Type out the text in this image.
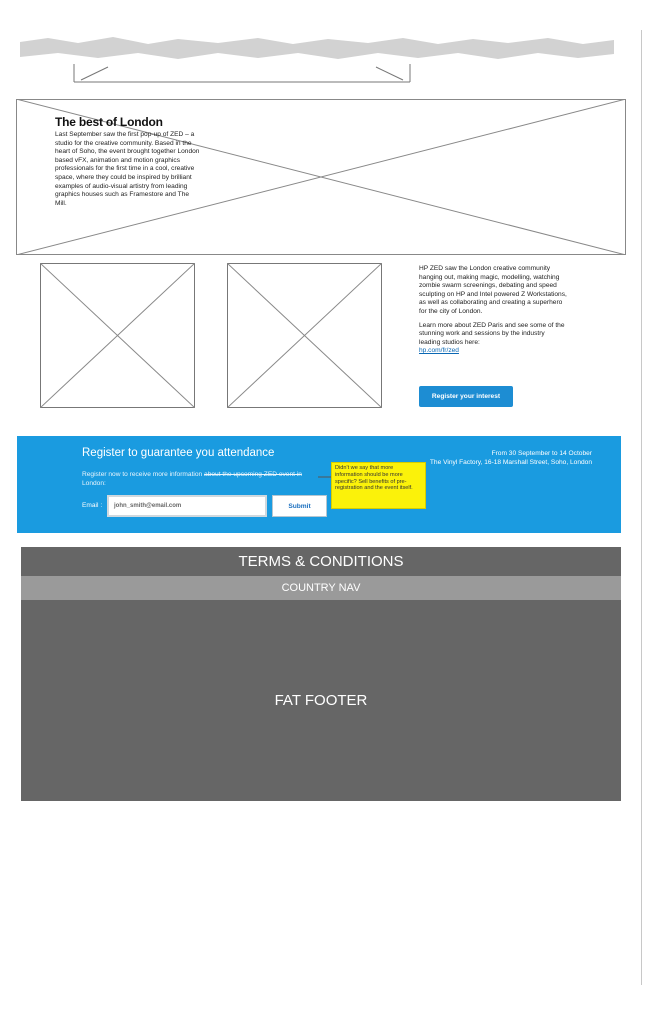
The best of London
Last September saw the first pop-up of ZED – a studio for the creative community. Based in the heart of Soho, the event brought together London based vFX, animation and motion graphics professionals for the first time in a cool, creative space, where they could be inspired by brilliant examples of audio-visual artistry from leading graphics houses such as Framestore and The Mill.

HP ZED saw the London creative community hanging out, making magic, modelling, watching zombie swarm screenings, debating and speed sculpting on HP and Intel powered Z Workstations, as well as collaborating and creating a superhero for the city of London.

Learn more about ZED Paris and see some of the stunning work and sessions by the industry leading studios here:

hp.com/fr/zed
Register your interest
Register to guarantee you attendance
Register now to receive more information about the upcoming ZED event in London:
From 30 September to 14 October
The Vinyl Factory, 16-18 Marshall Street, Soho, London
Email :	john_smith@email.com	Submit
Didn't we say that more information should be more specific? Sell benefits of pre-registration and the event itself.
TERMS & CONDITIONS
COUNTRY NAV
FAT FOOTER
